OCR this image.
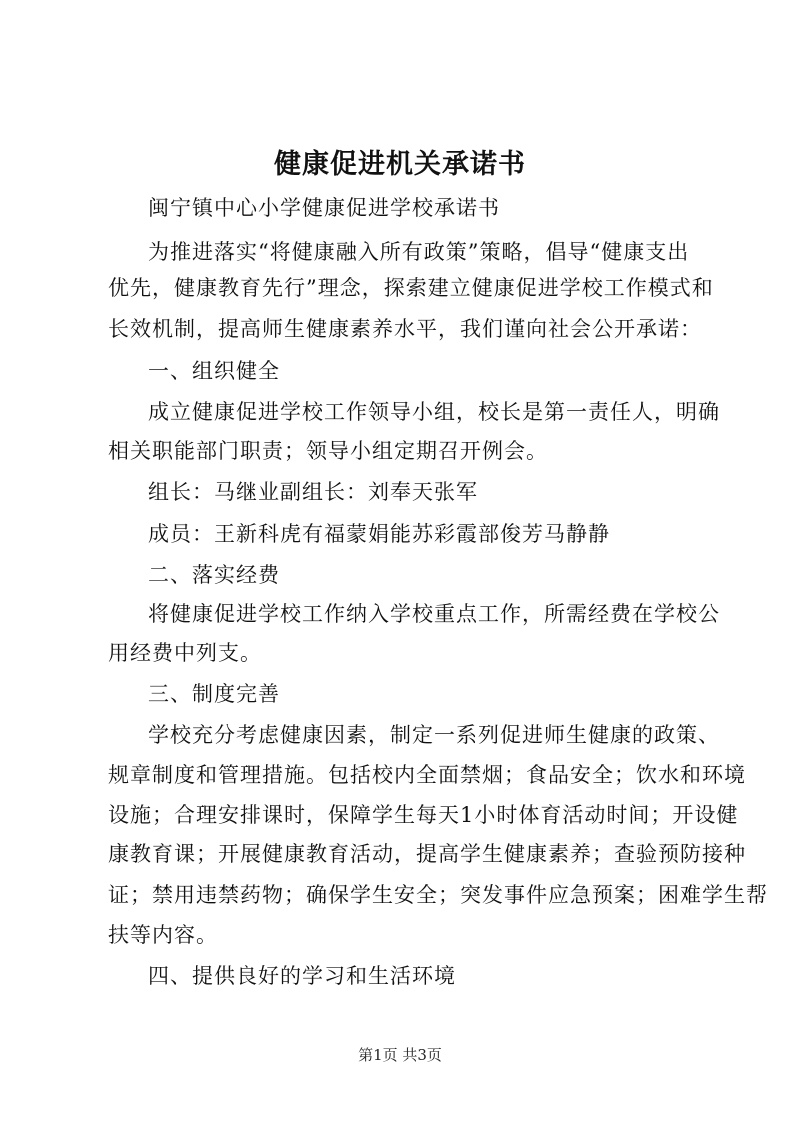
健康促进机关承诺书
闽宁镇中心小学健康促进学校承诺书
为推进落实“将健康融入所有政策”策略，倡导“健康支出
优先，健康教育先行”理念，探索建立健康促进学校工作模式和
长效机制，提高师生健康素养水平，我们谨向社会公开承诺：
一、组织健全
成立健康促进学校工作领导小组，校长是第一责任人，明确
相关职能部门职责；领导小组定期召开例会。
组长：马继业副组长：刘奉天张军
成员：王新科虎有福蒙娟能苏彩霞部俊芳马静静
二、落实经费
将健康促进学校工作纳入学校重点工作，所需经费在学校公
用经费中列支。
三、制度完善
学校充分考虑健康因素，制定一系列促进师生健康的政策、
规章制度和管理措施。包括校内全面禁烟；食品安全；饮水和环境
设施；合理安排课时，保障学生每天1小时体育活动时间；开设健
康教育课；开展健康教育活动，提高学生健康素养；查验预防接种
证；禁用违禁药物；确保学生安全；突发事件应急预案；困难学生帮
扶等内容。
四、提供良好的学习和生活环境
第1页 共3页
